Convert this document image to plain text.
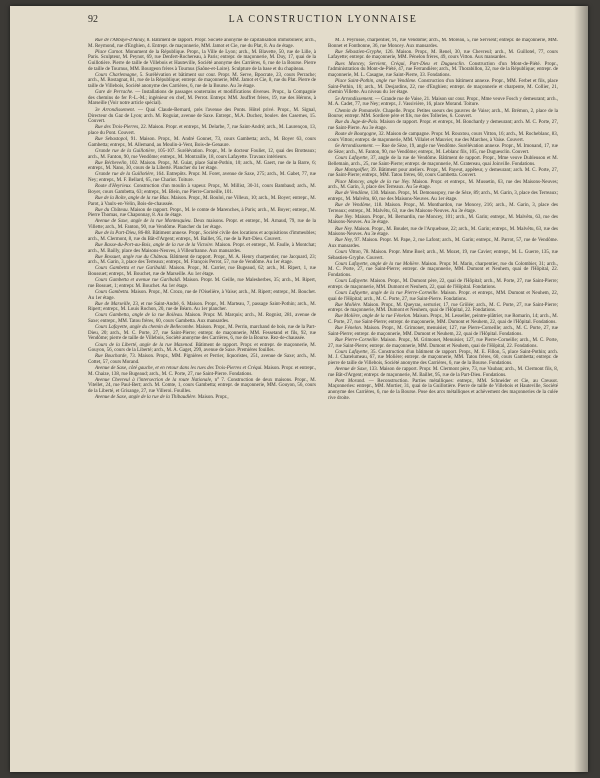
92	LA CONSTRUCTION LYONNAISE

Rue de l'Abbaye-d'Ainay, 8. Bâtiment de rapport. Propr. Société anonyme de capitalisation immobilière; arch., M. Reymond, rue d'Enghien, 4. Entrepr. de maçonnerie, MM. Jamot et Cie, rue du Plat, 8. Au 4e étage.

Place Carnot. Monument de la République. Propr., la Ville de Lyon; arch., M. Blavette, 50, rue de Lille, à Paris. Sculpteur, M. Peynot, 69, rue Denfert-Rochereau, à Paris; entrepr. de maçonnerie, M. Duy, 17, quai de la Guillotière. Pierre de taille de Villebois et Hauteville, Société anonyme des Carrières, 6, rue de la Bourse. Pierre de taille de Tournus, MM. Bourgeon frères à Tournus (Saône-et-Loire). Sculpture de la base et du chapiteau.

Cours Charlemagne, 5. Surélévation et bâtiment sur cour. Propr. M. Serve, Bpocrate, 23, cours Perrache; arch., M. Rostagnat, 81, rue de la République; entrepr. de maçonnerie, MM. Jamot et Cie, 8, rue du Plat. Pierre de taille de Villebois, Société anonyme des Carrières, 6, rue de la Bourse. Au 3e étage.

Gare de Perrache. — Installations de passages souterrains et modifications diverses. Propr., la Compagnie des chemins de fer P.-L.-M.; ingénieur en chef, M. Perrot. Entrepr. MM. Jouffret frères, 19, rue des Hérons, à Marseille (Voir notre article spécial).

3e Arrondissement. — Quai Claude-Bernard, près l'avenue des Ponts. Hôtel privé. Propr., M. Signal, Directeur du Gaz de Lyon; arch. M. Roguiat, avenue de Saxe. Entrepr., M.A. Duchez, boulev. des Casernes, 15. Couvert.

Rue des Trois-Pierres, 22. Maison. Propr. et entrepr., M. Delarbe, 7, rue Saint-André; arch., M. Laurençon, 13, place du Pont. Couvert.

Rue Sebastopol, 91. Maison. Propr., M. André Gonnet, 73, cours Gambetta; arch., M. Boyer 63, cours Gambetta; entrepr., M. Allemand, au Moulin-à-Vent, Bois-de-Genaure.

Grande rue de la Guillotière, 105-107. Surélévation. Propr., M. le docteur Fouliet, 12, quai des Brotteaux; arch., M. Fanton, 90, rue Vendôme; entrepr., M. Montraille, 18, cours Lafayette. Travaux intérieurs.

Rue Béchevelin, 102. Maison. Propr., M. Guiat, place Saint-Pothin, 10; arch., M. Gaert, rue de la Barre, 6; entrepr., M. Nano, 30, cours de la Liberté. Plancher du 1er étage.

Grande rue de la Guillotière, 164. Entrepôts. Propr. M. Foret, avenue de Saxe, 275; arch., M. Gabet, 77, rue Ney; entrepr., M. F. Bellard, 65, rue Chariot. Toiture.

Route d'Heyrieux. Construction d'un moulin à vapeur. Propr., M. Millist, 30-31, cours Bambaud; arch., M. Boyer, cours Gambetta, 63; entrepr., M. Blein, rue Pierre-Corneille, 101.

Rue de la Boîte, angle de la rue Blas. Maison. Propr., M. Bouloi, rue Villeux, 10; arch., M. Boyer; entrepr., M. Parot, à Vaulx-en-Velin, Bois-de-chaussée.

Rue du Château. Maison de rapport. Propr., M. le comte de Marenches, à Paris; arch., M. Boyer; entrepr., M. Pierre Thomas, rue Chaponnay, 8. Au 4e étage.

Avenue de Saxe, angle de la rue Montesquieu. Deux maisons. Propr. et entrepr., M. Arnaud, 79, rue de la Villette; arch., M. Fanton, 90, rue Vendôme. Plancher du 1er étage.

Rue de la Part-Dieu, 86-88. Bâtiment annexe. Propr., Société civile des locations et acquisitions d'immeubles; arch., M. Clermont, 8, rue du Bât-d'Argent; entrepr., M. Baillet, 95, rue de la Part-Dieu. Couvert.

Rue Basse-du-Port-au-Bois, angle de la rue de la Victoire. Maison. Propr. et entrepr., M. Faulle, à Montchat; arch., M. Bailly, place des Maisons-Neuves, à Villeurbanne. Aux mansardes.

Rue Bossuet, angle rue du Château. Bâtiment de rapport. Propr., M. A. Henry charpentier, rue Jacquard, 23; arch., M. Garin, 3, place des Terreaux; entrepr., M. François Perrot, 57, rue de Vendôme. Au 1er étage.

Cours Gambetta et rue Garibaldi. Maison. Propr., M. Carrier, rue Bugeaud, 62; arch., M. Ripert, 1, rue Boussuet; entrepr., M. Bouchet, rue de Marseille. Au 1er étage.

Cours Gambetta et avenue rue Garibaldi. Maison. Propr. M. Geille, rue Malesherbes, 35; arch., M. Ripert, rue Bossuet, 1; entrepr. M. Bouchet. Au 1er étage.

Cours Gambetta. Maison. Propr., M. Crozo, rue de l'Oiselière, à Vaise; arch., M. Ripert; entrepr., M. Bouchet. Au 1er étage.

Rue de Marseille, 23, et rue Saint-André, 6. Maison. Propr., M. Marteau, 7, passage Saint-Pothin; arch., M. Ripert; entrepr., M. Louis Rochon, 20, rue de Béarn. Au 1er plancher.

Cours Gambetta, angle de la rue Boileau. Maison. Propr. M. Marquis; arch., M. Rognist, 281, avenue de Saxe; entrepr., MM. Tatou frères, 60, cours Gambetta. Aux mansardes.

Cours Lafayette, angle du chemin de Bellecombe. Maison. Propr., M. Perrin, marchand de bois, rue de la Part-Dieu, 20; arch., M. C. Porte, 27, rue Saint-Pierre; entrepr. de maçonnerie, MM. Fessetand et fils, 92, rue Vendôme; pierre de taille de Villebois, Société anonyme des Carrières, 6, rue de la Bourse. Rez-de-chaussée.

Cours de la Liberté, angle de la rue Mazenod. Bâtiment de rapport. Propr. et entrepr. de maçonnerie, M. Gouyon, 56, cours de la Liberté; arch., M. A. Gaget, 299, avenue de Saxe. Premières fouilles.

Rue Boucharde, 73. Maison. Propr., MM. Pignières et Perrier, liquoristes, 251, avenue de Saxe; arch., M. Cottet, 57, cours Morand.

Avenue de Saxe, côté gauche, et en retour dans les rues des Trois-Pierres et Créqui. Maison. Propr. et entrepr., M. Chaize, 138, rue Bugeaud; arch., M. C. Porte, 27, rue Saint-Pierre. Fondations.

Avenue Chevreul à l'intersection de la route Nationale, n° 7. Construction de deux maisons. Propr., M. Vitellet, 24, rue Paul-Bert; arch. M. Comte, 1, cours Gambetta; entrepr. de maçonnerie, MM. Gouyon, 56, cours de la Liberté, et Grisange, 27, rue Villeroi. Fouilles.

Avenue de Saxe, angle de la rue de la Thibaudière. Maison. Propr.,

M. J. Peyrusse, charpentier, 91, rue Vendôme; arch., M. Moreau, 5, rue Servient; entrepr. de maçonnerie, MM. Bonnet et Fontbonne, 36, rue Moncey. Aux mansardes.

Rue Sébastien-Gryphe, 126. Maison. Propr., M. Renel, 30, rue Chevreul; arch., M. Guillotel, 77, cours Lafayette; entrepr. de maçonnerie, MM. Pénelon frères, 49, cours Vitton. Aux mansardes.

Rues Moncey, Servient, Créqui, Part-Dieu et Duguesclin. Construction d'un Mont-de-Piété. Propr., l'administration du Mont-de-Piété, 47, rue Ferrandière; arch., M. Thorabillon, 32, rue de la République; entrepr. de maçonnerie, M. L. Casagne, rue Saint-Pierre, 33. Fondations.

Place Saint-Pothin, angle rue Vendôme. Construction d'un bâtiment annexe. Propr., MM. Ferbet et fils, place Saint-Pothin, 16; arch., M. Desjardins, 22, rue d'Enghien; entrepr. de maçonnerie et charpente, M. Collier, 21, chemin Villette. Au niveau du 1er étage.

5e Arrondissement. — Grande rue de Vaise, 21. Maison sur cour. Propr., Mme veuve Fosch y demeurant; arch., M. A. Cadet, 77, rue Ney; entrepr., J. Vassivière, 16, place Morand. Toiture.

Chemin de Pomanelle. Chapelle. Propr. Petites soeurs des pauvres de Vaise; arch., M. Brémon, 2, place de la Bourse; entrepr. MM. Sordiere père et fils, rue des Tolleries, 6. Couvert.

Rue du Juge-de-Paix. Maison de rapport. Propr. et entrepr., M. Bonchardy y demeurant; arch. M. C. Porte, 27, rue Saint-Pierre. Au 3e étage.

Route de Bourgogne, 32. Maison de campagne. Propr. M. Rouxtou, cours Vitton, 16; arch., M. Rocheblanc, 83, cours Vitton; entrepr. de maçonnerie, MM. Villalet et Mauvier, rue des Marches, à Vaise. Couvert.

6e Arrondissement. — Rue de Sèze, 19, angle rue Vendôme. Surélévation annexe. Propr., M. Imonand, 17, rue de Sèze; arch., M. Fanton, 90, rue Vendôme; entrepr., M. Leblanc fils, 105, rue Duguesclin. Couvert.

Cours Lafayette, 37, angle de la rue de Vendôme. Bâtiment de rapport. Propr., Mme veuve Dubleuson et M. Bellemain, arch., 25, rue Saint-Pierre; entrepr. de maçonnerie, M. Gratereau, quai Joinville. Fondations.

Rue Montgolfier, 39. Bâtiment pour ateliers. Propr., M. Payeut, appêteur, y demeurant; arch. M. C. Porte, 27, rue Saint-Pierre; entrepr., MM. Tatou frères, 60, cours Gambetta. Couvert.

Place Moncey, angle de la rue Ney. Maison. Propr. et entrepr., M. Mussetin, 63, rue des Maisons-Neuves; arch., M. Garin, 3, place des Terreaux. Au 5e étage.

Rue de Vendôme, 130. Maison. Propr., M. Demousspoy, rue de Sèze, 89; arch., M. Garin, 3, place des Terreaux; entrepr., M. Malvêtu, 60, rue des Maisons-Neuves. Au 1er étage.

Rue de Vendôme, 118. Maison. Propr., M. Monthardon, rue Moncey, 216; arch., M. Garin, 3, place des Terreaux; entrepr., M. Malvêtu, 63, rue des Maisons-Neuves. Au 3e étage.

Rue Ney. Maison. Propr., M. Bernardin, rue Moncey, 101; arch., M. Garin; entrepr., M. Malvêtu, 63, rue des Maisons-Neuves. Au 3e étage.

Rue Ney. Maison. Propr., M. Boudet, rue de l'Arquebuse, 22; arch., M. Garin; entrepr., M. Malvêtu, 63, rue des Maisons-Neuves. Au 3e étage.

Rue Ney, 97. Maison. Propr. M. Pape, 2, rue Lafont; arch., M. Garin; entrepr., M. Parrot, 57, rue de Vendôme. Aux mansardes.

Cours Vitton, 78. Maison. Propr. Mme Boel; arch., M. Mozet, 19, rue Cavier; entrepr., M. L. Guerre, 135, rue Sébastien-Gryphe. Couvert.

Cours Lafayette, angle de la rue Molière. Maison. Propr. M. Marin, charpentier, rue du Colombier, 31; arch., M. C. Porte, 27, rue Saint-Pierre; entrepr. de maçonnerie, MM. Dumont et Neuhem, quai de l'Hôpital, 22. Fondations.

Cours Lafayette. Maison. Propr., M. Dumont père, 22, quai de l'Hôpital; arch., M. Porte, 27, rue Saint-Pierre; entrepr. de maçonnerie, MM. Dumont et Neuhem, 22, quai de l'Hôpital. Fondations.

Cours Lafayette, angle de la rue Pierre-Corneille. Maison. Propr. et entrepr., MM. Dumont et Neuhem, 22, quai de l'Hôpital; arch., M. C. Porte, 27, rue Saint-Pierre. Fondations.

Rue Molière. Maison. Propr., M. Queyras, serrurier, 17, rue Grôlée; arch., M. C. Porte, 27, rue Saint-Pierre; entrepr. de maçonnerie, MM. Dumont et Neuhem, quai de l'Hôpital, 22. Fondations.

Rue Molière, angle de la rue Fénelon. Maison. Propr., M. Lesseller, peintre-plâtrier, rue Romarin, 14; arch., M. C. Porte, 27, rue Saint-Pierre; entrepr. de maçonnerie, MM. Dumont et Neuhem, 22, quai de l'Hôpital. Fondations.

Rue Fénelon. Maison. Propr., M. Grimonet, menuisier, 127, rue Pierre-Corneille; arch., M. C. Porte, 27, rue Saint-Pierre; entrepr. de maçonnerie, MM. Dumont et Neuhem, 22, quai de l'Hôpital. Fondations.

Rue Pierre-Corneille. Maison. Propr., M. Grimonet, Menuisier, 127, rue Pierre-Corneille; arch., M. C. Porte, 27, rue Saint-Pierre; entrepr. de maçonnerie, MM. Dumont et Neuhem, quai de l'Hôpital, 22. Fondations.

Cours Lafayette, 35. Construction d'un bâtiment de rapport. Propr., M. E. Fillon, 5, place Saint-Pothin; arch. M. J. Chatelumeau, 67, rue Molière; entrepr. de maçonnerie, MM. Tatou frères, 60, cours Gambetta; entrepr. de pierre de taille de Villebois, Société anonyme des Carrières, 6, rue de la Bourse. Fondations.

Avenue de Saxe, 133. Maison de rapport. Propr. M. Clermont père, 73, rue Vauban; arch., M. Clermont fils, 8, rue Bât-d'Argent; entrepr. de maçonnerie, M. Baillet, 95, rue de la Part-Dieu. Fondations.

Pont Morand. — Reconstruction. Parties métalliques: entrepr., MM. Schneider et Cie, au Creusot. Maçonneries: entrepr., MM. Mortier, 31, quai de la Guillotière. Pierre de taille de Villebois et Hauteville, Société anonyme des Carrières, 6, rue de la Bourse. Pose des arcs métalliques et achèvement des maçonneries de la culée rive droite.
